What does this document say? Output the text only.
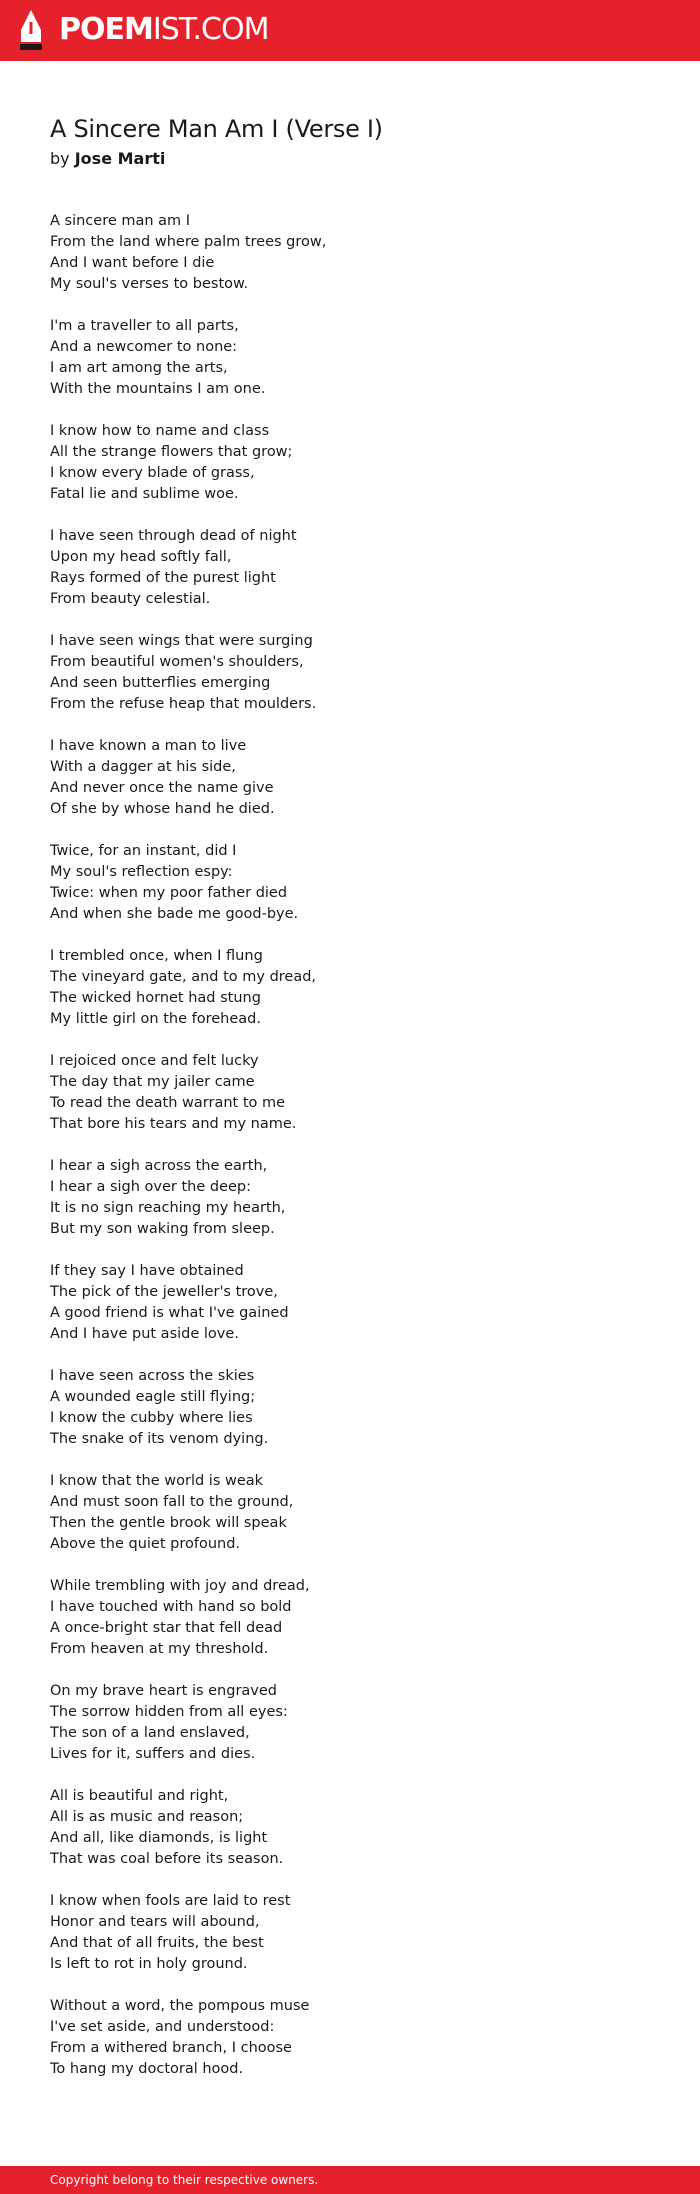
POEMIST.COM
A Sincere Man Am I (Verse I)
by Jose Marti

A sincere man am I
From the land where palm trees grow,
And I want before I die
My soul's verses to bestow.

I'm a traveller to all parts,
And a newcomer to none:
I am art among the arts,
With the mountains I am one.

I know how to name and class
All the strange flowers that grow;
I know every blade of grass,
Fatal lie and sublime woe.

I have seen through dead of night
Upon my head softly fall,
Rays formed of the purest light
From beauty celestial.

I have seen wings that were surging
From beautiful women's shoulders,
And seen butterflies emerging
From the refuse heap that moulders.

I have known a man to live
With a dagger at his side,
And never once the name give
Of she by whose hand he died.

Twice, for an instant, did I
My soul's reflection espy:
Twice: when my poor father died
And when she bade me good-bye.

I trembled once, when I flung
The vineyard gate, and to my dread,
The wicked hornet had stung
My little girl on the forehead.

I rejoiced once and felt lucky
The day that my jailer came
To read the death warrant to me
That bore his tears and my name.

I hear a sigh across the earth,
I hear a sigh over the deep:
It is no sign reaching my hearth,
But my son waking from sleep.

If they say I have obtained
The pick of the jeweller's trove,
A good friend is what I've gained
And I have put aside love.

I have seen across the skies
A wounded eagle still flying;
I know the cubby where lies
The snake of its venom dying.

I know that the world is weak
And must soon fall to the ground,
Then the gentle brook will speak
Above the quiet profound.

While trembling with joy and dread,
I have touched with hand so bold
A once-bright star that fell dead
From heaven at my threshold.

On my brave heart is engraved
The sorrow hidden from all eyes:
The son of a land enslaved,
Lives for it, suffers and dies.

All is beautiful and right,
All is as music and reason;
And all, like diamonds, is light
That was coal before its season.

I know when fools are laid to rest
Honor and tears will abound,
And that of all fruits, the best
Is left to rot in holy ground.

Without a word, the pompous muse
I've set aside, and understood:
From a withered branch, I choose
To hang my doctoral hood.

Copyright belong to their respective owners.
